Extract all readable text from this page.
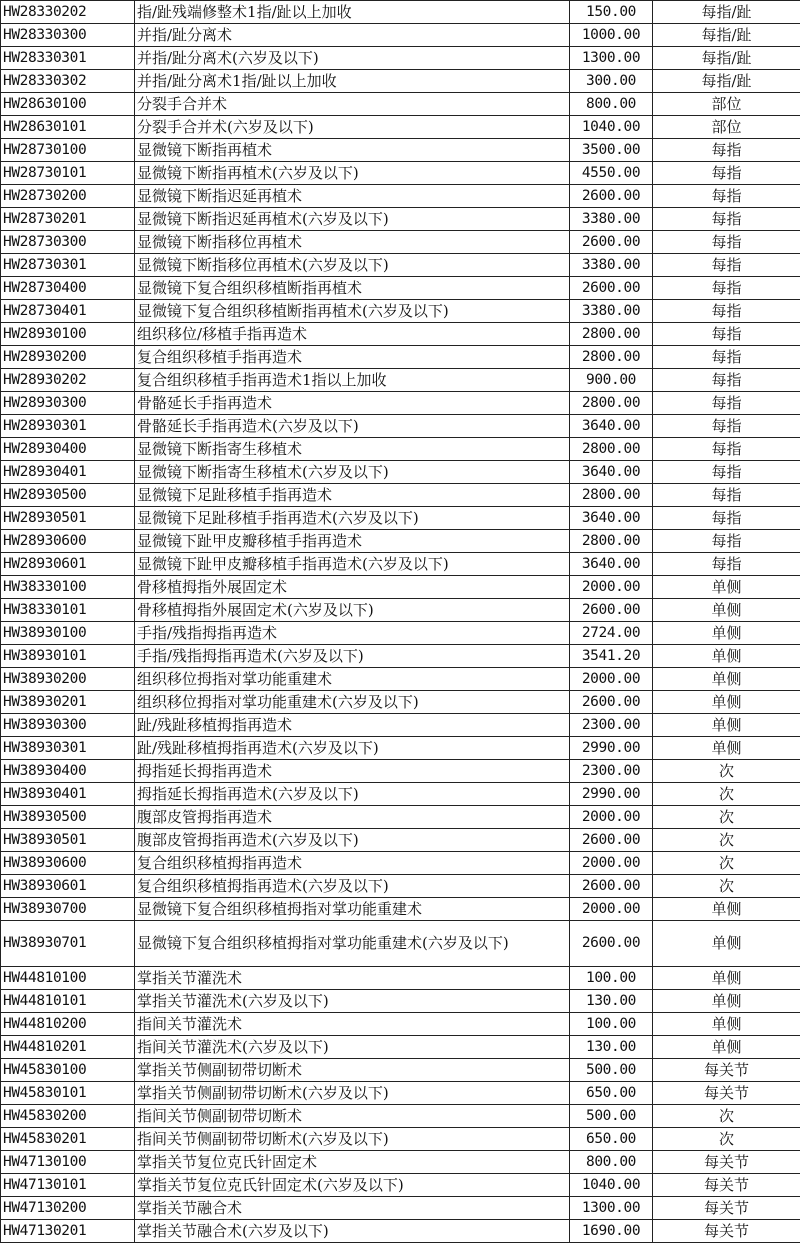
HW28330202	指/趾残端修整术1指/趾以上加收	150.00	每指/趾
HW28330300	并指/趾分离术	1000.00	每指/趾
HW28330301	并指/趾分离术(六岁及以下)	1300.00	每指/趾
HW28330302	并指/趾分离术1指/趾以上加收	300.00	每指/趾
HW28630100	分裂手合并术	800.00	部位
HW28630101	分裂手合并术(六岁及以下)	1040.00	部位
HW28730100	显微镜下断指再植术	3500.00	每指
HW28730101	显微镜下断指再植术(六岁及以下)	4550.00	每指
HW28730200	显微镜下断指迟延再植术	2600.00	每指
HW28730201	显微镜下断指迟延再植术(六岁及以下)	3380.00	每指
HW28730300	显微镜下断指移位再植术	2600.00	每指
HW28730301	显微镜下断指移位再植术(六岁及以下)	3380.00	每指
HW28730400	显微镜下复合组织移植断指再植术	2600.00	每指
HW28730401	显微镜下复合组织移植断指再植术(六岁及以下)	3380.00	每指
HW28930100	组织移位/移植手指再造术	2800.00	每指
HW28930200	复合组织移植手指再造术	2800.00	每指
HW28930202	复合组织移植手指再造术1指以上加收	900.00	每指
HW28930300	骨骼延长手指再造术	2800.00	每指
HW28930301	骨骼延长手指再造术(六岁及以下)	3640.00	每指
HW28930400	显微镜下断指寄生移植术	2800.00	每指
HW28930401	显微镜下断指寄生移植术(六岁及以下)	3640.00	每指
HW28930500	显微镜下足趾移植手指再造术	2800.00	每指
HW28930501	显微镜下足趾移植手指再造术(六岁及以下)	3640.00	每指
HW28930600	显微镜下趾甲皮瓣移植手指再造术	2800.00	每指
HW28930601	显微镜下趾甲皮瓣移植手指再造术(六岁及以下)	3640.00	每指
HW38330100	骨移植拇指外展固定术	2000.00	单侧
HW38330101	骨移植拇指外展固定术(六岁及以下)	2600.00	单侧
HW38930100	手指/残指拇指再造术	2724.00	单侧
HW38930101	手指/残指拇指再造术(六岁及以下)	3541.20	单侧
HW38930200	组织移位拇指对掌功能重建术	2000.00	单侧
HW38930201	组织移位拇指对掌功能重建术(六岁及以下)	2600.00	单侧
HW38930300	趾/残趾移植拇指再造术	2300.00	单侧
HW38930301	趾/残趾移植拇指再造术(六岁及以下)	2990.00	单侧
HW38930400	拇指延长拇指再造术	2300.00	次
HW38930401	拇指延长拇指再造术(六岁及以下)	2990.00	次
HW38930500	腹部皮管拇指再造术	2000.00	次
HW38930501	腹部皮管拇指再造术(六岁及以下)	2600.00	次
HW38930600	复合组织移植拇指再造术	2000.00	次
HW38930601	复合组织移植拇指再造术(六岁及以下)	2600.00	次
HW38930700	显微镜下复合组织移植拇指对掌功能重建术	2000.00	单侧
HW38930701	显微镜下复合组织移植拇指对掌功能重建术(六岁及以下)	2600.00	单侧
HW44810100	掌指关节灌洗术	100.00	单侧
HW44810101	掌指关节灌洗术(六岁及以下)	130.00	单侧
HW44810200	指间关节灌洗术	100.00	单侧
HW44810201	指间关节灌洗术(六岁及以下)	130.00	单侧
HW45830100	掌指关节侧副韧带切断术	500.00	每关节
HW45830101	掌指关节侧副韧带切断术(六岁及以下)	650.00	每关节
HW45830200	指间关节侧副韧带切断术	500.00	次
HW45830201	指间关节侧副韧带切断术(六岁及以下)	650.00	次
HW47130100	掌指关节复位克氏针固定术	800.00	每关节
HW47130101	掌指关节复位克氏针固定术(六岁及以下)	1040.00	每关节
HW47130200	掌指关节融合术	1300.00	每关节
HW47130201	掌指关节融合术(六岁及以下)	1690.00	每关节
